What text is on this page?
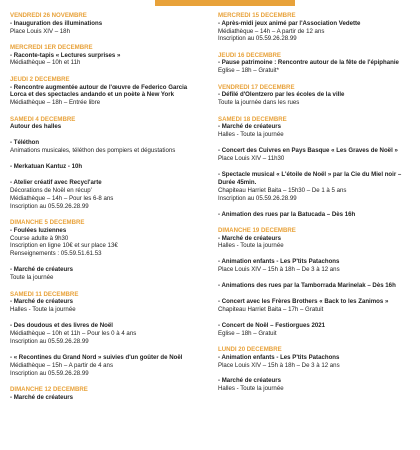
VENDREDI 26 NOVEMBRE
- Inauguration des illuminations
Place Louis XIV – 18h
MERCREDI 1ER DECEMBRE
- Raconte-tapis « Lectures surprises »
Médiathèque – 10h et 11h
JEUDI 2 DECEMBRE
- Rencontre augmentée autour de l'œuvre de Federico Garcia Lorca et des spectacles andando et un poète à New York
Médiathèque – 18h – Entrée libre
SAMEDI 4 DECEMBRE
Autour des halles

- Téléthon
Animations musicales, téléthon des pompiers et dégustations

- Merkatuan Kantuz - 10h

- Atelier créatif avec Recycl'arte
Décorations de Noël en récup'
Médiathèque – 14h – Pour les 6-8 ans
Inscription au 05.59.26.28.99
DIMANCHE 5 DECEMBRE
- Foulées luziennes
Course adulte à 9h30
Inscription en ligne 10€ et sur place 13€
Renseignements : 05.59.51.61.53

- Marché de créateurs
Toute la journée
SAMEDI 11 DECEMBRE
- Marché de créateurs
Halles - Toute la journée

- Des doudous et des livres de Noël
Médiathèque – 10h et 11h – Pour les 0 à 4 ans
Inscription au 05.59.26.28.99

- « Recontines du Grand Nord » suivies d'un goûter de Noël
Médiathèque – 15h – A partir de 4 ans
Inscription au 05.59.26.28.99
DIMANCHE 12 DECEMBRE
- Marché de créateurs
MERCREDI 15 DECEMBRE
- Après-midi jeux animé par l'Association Vedette
Médiathèque – 14h – A partir de 12 ans
Inscription au 05.59.26.28.99
JEUDI 16 DECEMBRE
- Pause patrimoine : Rencontre autour de la fête de l'épiphanie
Eglise – 18h – Gratuit*
VENDREDI 17 DECEMBRE
- Défilé d'Olentzero par les écoles de la ville
Toute la journée dans les rues
SAMEDI 18 DECEMBRE
- Marché de créateurs
Halles - Toute la journée

- Concert des Cuivres en Pays Basque « Les Graves de Noël »
Place Louis XIV – 11h30

- Spectacle musical « L'étoile de Noël » par la Cie du Miel noir – Durée 45min.
Chapiteau Harriet Baita – 15h30 – De 1 à 5 ans
Inscription au 05.59.26.28.99

- Animation des rues par la Batucada – Dès 16h
DIMANCHE 19 DECEMBRE
- Marché de créateurs
Halles - Toute la journée

- Animation enfants - Les P'tits Patachons
Place Louis XIV – 15h à 18h – De 3 à 12 ans

- Animations des rues par la Tamborrada Marinelak – Dès 16h

- Concert avec les Frères Brothers « Back to les Zanimos »
Chapiteau Harriet Baita – 17h – Gratuit

- Concert de Noël – Festiorgues 2021
Eglise – 18h – Gratuit
LUNDI 20 DECEMBRE
- Animation enfants - Les P'tits Patachons
Place Louis XIV – 15h à 18h – De 3 à 12 ans

- Marché de créateurs
Halles - Toute la journée
